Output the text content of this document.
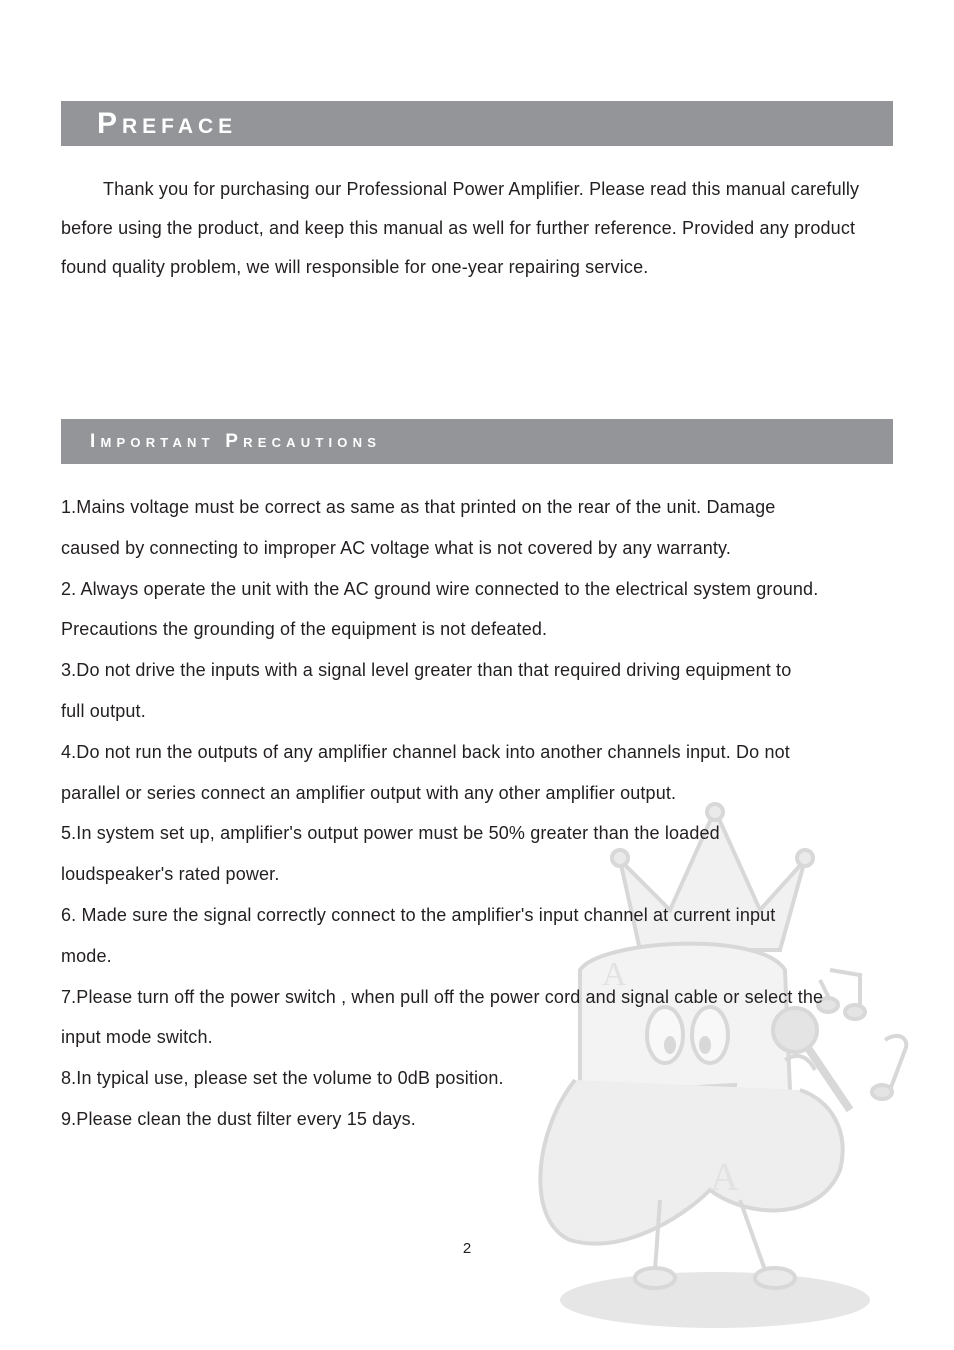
A
A
Preface

Thank you for purchasing our Professional Power Amplifier. Please read this manual carefully before using the product, and keep this manual as well for further reference. Provided any product found quality problem, we will responsible for one-year repairing service.

Important Precautions
1.Mains voltage must be correct as same as that printed on the rear of the unit. Damage
caused by connecting to improper AC voltage what is not covered by any warranty.
2. Always operate the unit with the AC ground wire connected to the electrical system ground.
Precautions the grounding of the equipment is not defeated.
3.Do not drive the inputs with a signal level greater than that required driving equipment to
full output.
4.Do not run the outputs of any amplifier channel back into another channels input. Do not
parallel or series connect an amplifier output with any other amplifier output.
5.In system set up, amplifier's output power must be 50% greater than the loaded
loudspeaker's rated power.
6. Made sure the signal correctly connect to the amplifier's input channel at current input
mode.
7.Please turn off the power switch , when pull off the power cord and signal cable or select the
input mode switch.
8.In typical use, please set the volume to 0dB position.
9.Please clean the dust filter every 15 days.
2
